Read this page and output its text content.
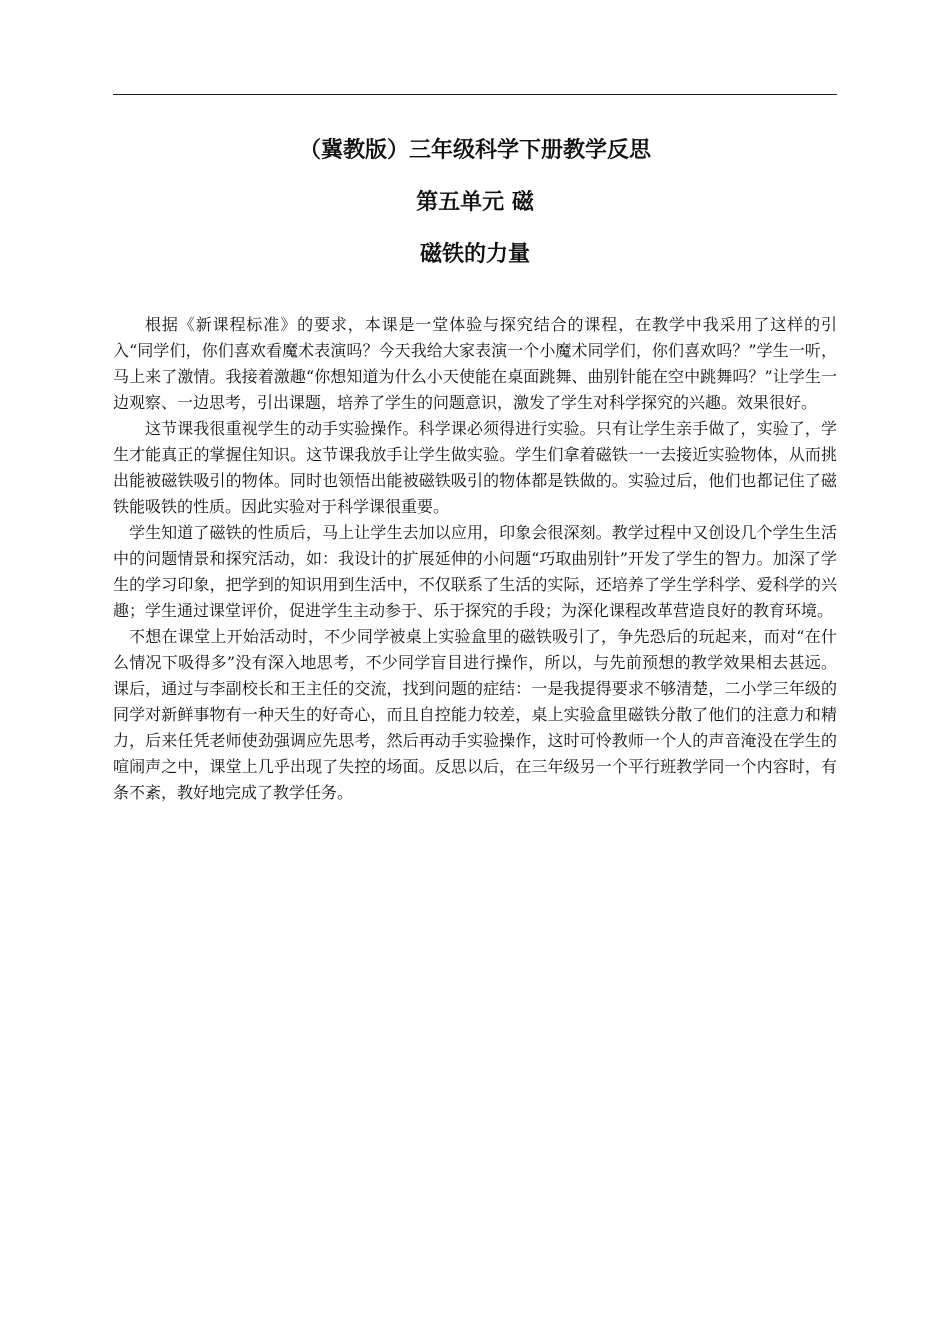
（冀教版）三年级科学下册教学反思
第五单元 磁
磁铁的力量

根据《新课程标准》的要求，本课是一堂体验与探究结合的课程，在教学中我采用了这样的引入“同学们，你们喜欢看魔术表演吗？今天我给大家表演一个小魔术同学们，你们喜欢吗？”学生一听，马上来了激情。我接着激趣“你想知道为什么小天使能在桌面跳舞、曲别针能在空中跳舞吗？”让学生一边观察、一边思考，引出课题，培养了学生的问题意识，激发了学生对科学探究的兴趣。效果很好。

这节课我很重视学生的动手实验操作。科学课必须得进行实验。只有让学生亲手做了，实验了，学生才能真正的掌握住知识。这节课我放手让学生做实验。学生们拿着磁铁一一去接近实验物体，从而挑出能被磁铁吸引的物体。同时也领悟出能被磁铁吸引的物体都是铁做的。实验过后，他们也都记住了磁铁能吸铁的性质。因此实验对于科学课很重要。

学生知道了磁铁的性质后，马上让学生去加以应用，印象会很深刻。教学过程中又创设几个学生生活中的问题情景和探究活动，如：我设计的扩展延伸的小问题“巧取曲别针”开发了学生的智力。加深了学生的学习印象，把学到的知识用到生活中，不仅联系了生活的实际，还培养了学生学科学、爱科学的兴趣；学生通过课堂评价，促进学生主动参于、乐于探究的手段；为深化课程改革营造良好的教育环境。

不想在课堂上开始活动时，不少同学被桌上实验盒里的磁铁吸引了，争先恐后的玩起来，而对“在什么情况下吸得多”没有深入地思考，不少同学盲目进行操作，所以，与先前预想的教学效果相去甚远。课后，通过与李副校长和王主任的交流，找到问题的症结：一是我提得要求不够清楚，二小学三年级的同学对新鲜事物有一种天生的好奇心，而且自控能力较差，桌上实验盒里磁铁分散了他们的注意力和精力，后来任凭老师使劲强调应先思考，然后再动手实验操作，这时可怜教师一个人的声音淹没在学生的喧闹声之中，课堂上几乎出现了失控的场面。反思以后，在三年级另一个平行班教学同一个内容时，有条不紊，教好地完成了教学任务。
